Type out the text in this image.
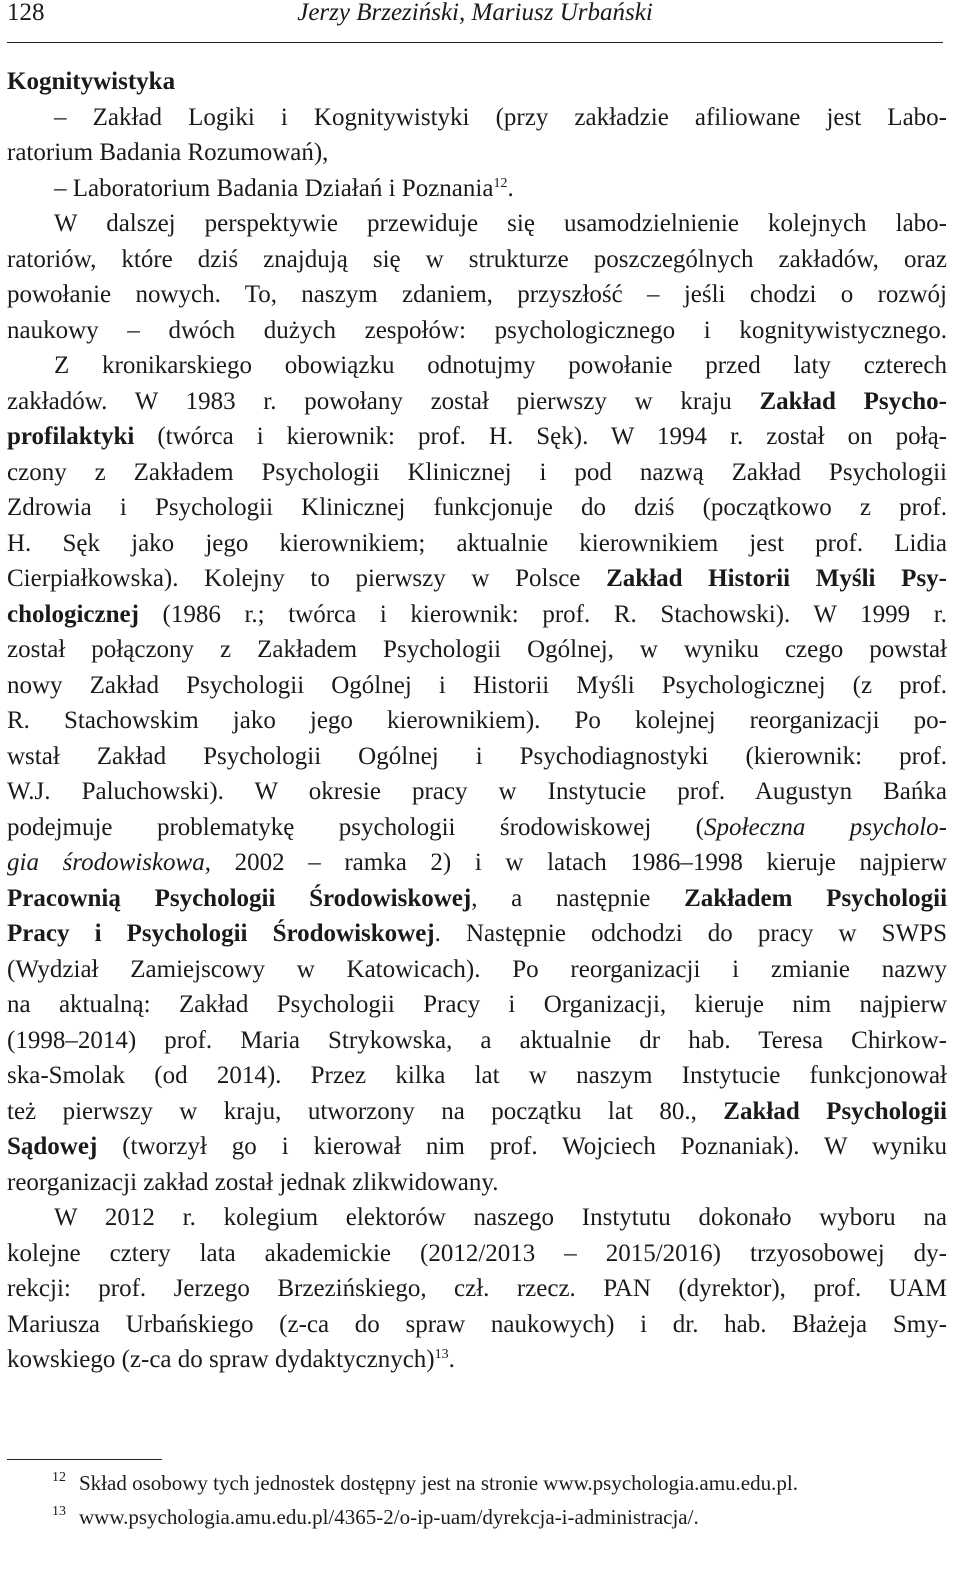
128	Jerzy Brzeziński, Mariusz Urbański
Kognitywistyka
– Zakład Logiki i Kognitywistyki (przy zakładzie afiliowane jest Labo-
ratorium Badania Rozumowań),
– Laboratorium Badania Działań i Poznania$^{12}$.
W dalszej perspektywie przewiduje się usamodzielnienie kolejnych labo-
ratoriów, które dziś znajdują się w strukturze poszczególnych zakładów, oraz
powołanie nowych. To, naszym zdaniem, przyszłość – jeśli chodzi o rozwój
naukowy – dwóch dużych zespołów: psychologicznego i kognitywistycznego.
Z kronikarskiego obowiązku odnotujmy powołanie przed laty czterech
zakładów. W 1983 r. powołany został pierwszy w kraju Zakład Psycho-
profilaktyki (twórca i kierownik: prof. H. Sęk). W 1994 r. został on połą-
czony z Zakładem Psychologii Klinicznej i pod nazwą Zakład Psychologii
Zdrowia i Psychologii Klinicznej funkcjonuje do dziś (początkowo z prof.
H. Sęk jako jego kierownikiem; aktualnie kierownikiem jest prof. Lidia
Cierpiałkowska). Kolejny to pierwszy w Polsce Zakład Historii Myśli Psy-
chologicznej (1986 r.; twórca i kierownik: prof. R. Stachowski). W 1999 r.
został połączony z Zakładem Psychologii Ogólnej, w wyniku czego powstał
nowy Zakład Psychologii Ogólnej i Historii Myśli Psychologicznej (z prof.
R. Stachowskim jako jego kierownikiem). Po kolejnej reorganizacji po-
wstał Zakład Psychologii Ogólnej i Psychodiagnostyki (kierownik: prof.
W.J. Paluchowski). W okresie pracy w Instytucie prof. Augustyn Bańka
podejmuje problematykę psychologii środowiskowej (Społeczna psycholo-
gia środowiskowa, 2002 – ramka 2) i w latach 1986–1998 kieruje najpierw
Pracownią Psychologii Środowiskowej, a następnie Zakładem Psychologii
Pracy i Psychologii Środowiskowej. Następnie odchodzi do pracy w SWPS
(Wydział Zamiejscowy w Katowicach). Po reorganizacji i zmianie nazwy
na aktualną: Zakład Psychologii Pracy i Organizacji, kieruje nim najpierw
(1998–2014) prof. Maria Strykowska, a aktualnie dr hab. Teresa Chirkow-
ska-Smolak (od 2014). Przez kilka lat w naszym Instytucie funkcjonował
też pierwszy w kraju, utworzony na początku lat 80., Zakład Psychologii
Sądowej (tworzył go i kierował nim prof. Wojciech Poznaniak). W wyniku
reorganizacji zakład został jednak zlikwidowany.
W 2012 r. kolegium elektorów naszego Instytutu dokonało wyboru na
kolejne cztery lata akademickie (2012/2013 – 2015/2016) trzyosobowej dy-
rekcji: prof. Jerzego Brzezińskiego, czł. rzecz. PAN (dyrektor), prof. UAM
Mariusza Urbańskiego (z-ca do spraw naukowych) i dr. hab. Błażeja Smy-
kowskiego (z-ca do spraw dydaktycznych)$^{13}$.
12 Skład osobowy tych jednostek dostępny jest na stronie www.psychologia.amu.edu.pl.
13 www.psychologia.amu.edu.pl/4365-2/o-ip-uam/dyrekcja-i-administracja/.
